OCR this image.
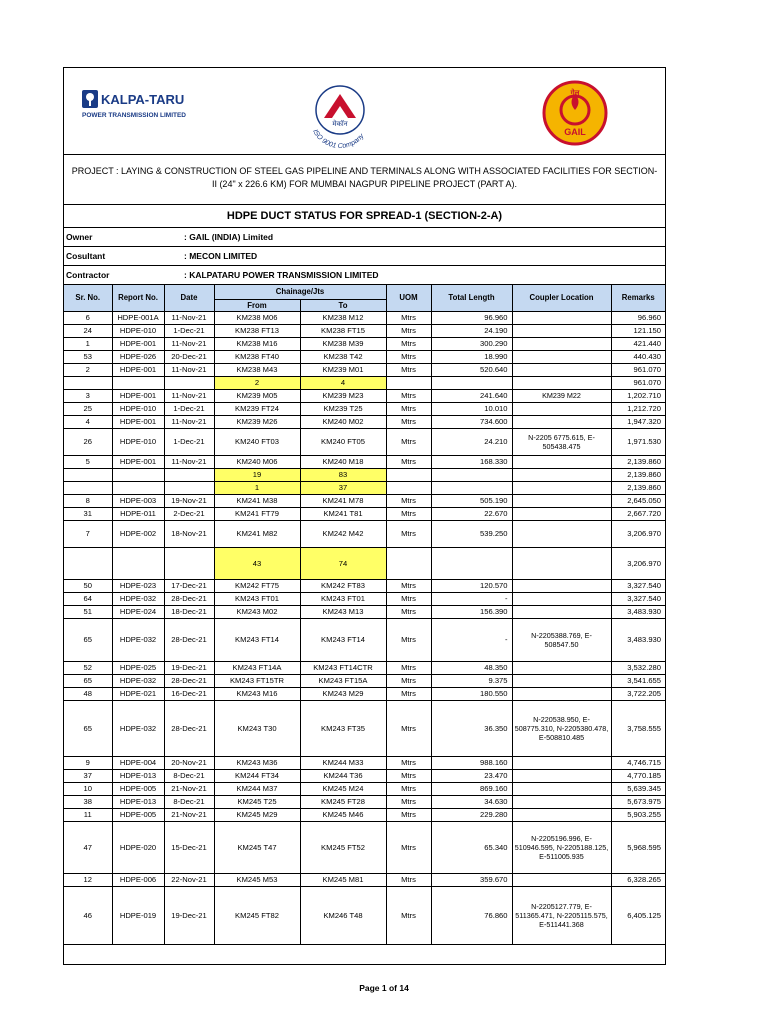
KALPA-TARU
POWER TRANSMISSION LIMITED
मेकॉन
ISO 9001 Company
गेल
GAIL
PROJECT : LAYING & CONSTRUCTION OF STEEL GAS PIPELINE AND TERMINALS ALONG WITH ASSOCIATED FACILITIES FOR SECTION-II (24" x 226.6 KM) FOR MUMBAI NAGPUR PIPELINE PROJECT (PART A).
HDPE DUCT STATUS FOR SPREAD-1 (SECTION-2-A)
Owner	: GAIL (INDIA) Limited
Cosultant	: MECON LIMITED
Contractor	: KALPATARU POWER TRANSMISSION LIMITED
Sr. No.	Report No.	Date	Chainage/Jts		UOM	Total Length	Coupler Location	Remarks
			From	To				
6	HDPE-001A	11-Nov-21	KM238 M06	KM238 M12	Mtrs	96.960		96.960
24	HDPE-010	1-Dec-21	KM238 FT13	KM238 FT15	Mtrs	24.190		121.150
1	HDPE-001	11-Nov-21	KM238 M16	KM238 M39	Mtrs	300.290		421.440
53	HDPE-026	20-Dec-21	KM238 FT40	KM238 T42	Mtrs	18.990		440.430
2	HDPE-001	11-Nov-21	KM238 M43	KM239 M01	Mtrs	520.640		961.070
			2	4				961.070
3	HDPE-001	11-Nov-21	KM239 M05	KM239 M23	Mtrs	241.640	KM239 M22	1,202.710
25	HDPE-010	1-Dec-21	KM239 FT24	KM239 T25	Mtrs	10.010		1,212.720
4	HDPE-001	11-Nov-21	KM239 M26	KM240 M02	Mtrs	734.600		1,947.320
26	HDPE-010	1-Dec-21	KM240 FT03	KM240 FT05	Mtrs	24.210	N-2205 6775.615, E-505438.475	1,971.530
5	HDPE-001	11-Nov-21	KM240 M06	KM240 M18	Mtrs	168.330		2,139.860
			19	83				2,139.860
			1	37				2,139.860
8	HDPE-003	19-Nov-21	KM241 M38	KM241 M78	Mtrs	505.190		2,645.050
31	HDPE-011	2-Dec-21	KM241 FT79	KM241 T81	Mtrs	22.670		2,667.720
7	HDPE-002	18-Nov-21	KM241 M82	KM242 M42	Mtrs	539.250		3,206.970
			43	74				3,206.970
50	HDPE-023	17-Dec-21	KM242 FT75	KM242 FT83	Mtrs	120.570		3,327.540
64	HDPE-032	28-Dec-21	KM243 FT01	KM243 FT01	Mtrs	-		3,327.540
51	HDPE-024	18-Dec-21	KM243 M02	KM243 M13	Mtrs	156.390		3,483.930
65	HDPE-032	28-Dec-21	KM243 FT14	KM243 FT14	Mtrs	-	N-2205388.769, E-508547.50	3,483.930
52	HDPE-025	19-Dec-21	KM243 FT14A	KM243 FT14CTR	Mtrs	48.350		3,532.280
65	HDPE-032	28-Dec-21	KM243 FT15TR	KM243 FT15A	Mtrs	9.375		3,541.655
48	HDPE-021	16-Dec-21	KM243 M16	KM243 M29	Mtrs	180.550		3,722.205
65	HDPE-032	28-Dec-21	KM243 T30	KM243 FT35	Mtrs	36.350	N-220538.950, E-508775.310, N-2205380.478, E-508810.485	3,758.555
9	HDPE-004	20-Nov-21	KM243 M36	KM244 M33	Mtrs	988.160		4,746.715
37	HDPE-013	8-Dec-21	KM244 FT34	KM244 T36	Mtrs	23.470		4,770.185
10	HDPE-005	21-Nov-21	KM244 M37	KM245 M24	Mtrs	869.160		5,639.345
38	HDPE-013	8-Dec-21	KM245 T25	KM245 FT28	Mtrs	34.630		5,673.975
11	HDPE-005	21-Nov-21	KM245 M29	KM245 M46	Mtrs	229.280		5,903.255
47	HDPE-020	15-Dec-21	KM245 T47	KM245 FT52	Mtrs	65.340	N-2205196.996, E-510946.595, N-2205188.125, E-511005.935	5,968.595
12	HDPE-006	22-Nov-21	KM245 M53	KM245 M81	Mtrs	359.670		6,328.265
46	HDPE-019	19-Dec-21	KM245 FT82	KM246 T48	Mtrs	76.860	N-2205127.779, E-511365.471, N-2205115.575, E-511441.368	6,405.125
Page 1 of 14
